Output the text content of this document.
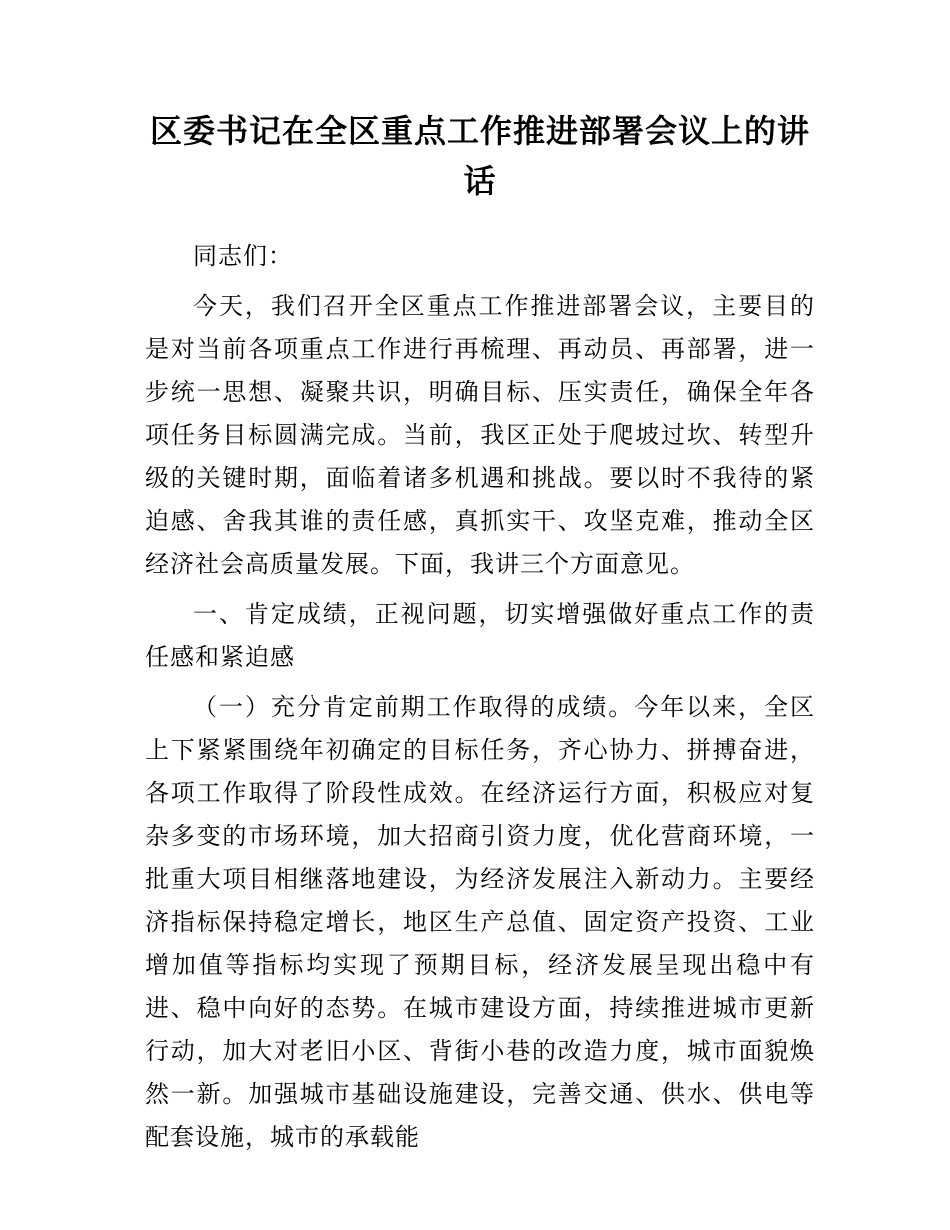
区委书记在全区重点工作推进部署会议上的讲话

同志们：

今天，我们召开全区重点工作推进部署会议，主要目的是对当前各项重点工作进行再梳理、再动员、再部署，进一步统一思想、凝聚共识，明确目标、压实责任，确保全年各项任务目标圆满完成。当前，我区正处于爬坡过坎、转型升级的关键时期，面临着诸多机遇和挑战。要以时不我待的紧迫感、舍我其谁的责任感，真抓实干、攻坚克难，推动全区经济社会高质量发展。下面，我讲三个方面意见。

一、肯定成绩，正视问题，切实增强做好重点工作的责任感和紧迫感

（一）充分肯定前期工作取得的成绩。今年以来，全区上下紧紧围绕年初确定的目标任务，齐心协力、拼搏奋进，各项工作取得了阶段性成效。在经济运行方面，积极应对复杂多变的市场环境，加大招商引资力度，优化营商环境，一批重大项目相继落地建设，为经济发展注入新动力。主要经济指标保持稳定增长，地区生产总值、固定资产投资、工业增加值等指标均实现了预期目标，经济发展呈现出稳中有进、稳中向好的态势。在城市建设方面，持续推进城市更新行动，加大对老旧小区、背街小巷的改造力度，城市面貌焕然一新。加强城市基础设施建设，完善交通、供水、供电等配套设施，城市的承载能
